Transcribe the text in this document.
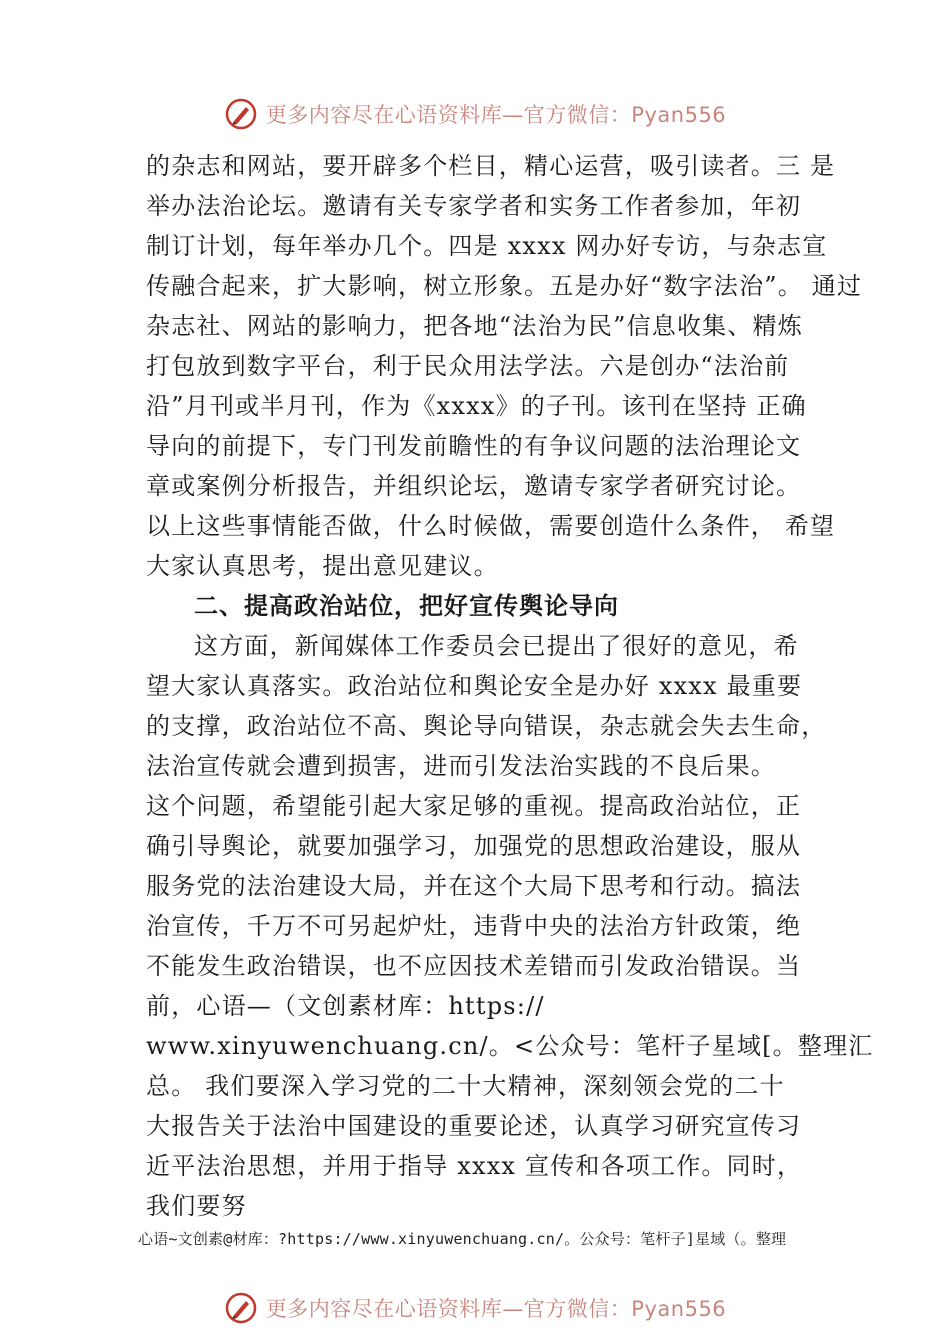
更多内容尽在心语资料库—官方微信：Pyan556
的杂志和网站，要开辟多个栏目，精心运营，吸引读者。三 是
举办法治论坛。邀请有关专家学者和实务工作者参加，年初
制订计划，每年举办几个。四是 xxxx 网办好专访，与杂志宣
传融合起来，扩大影响，树立形象。五是办好“数字法治”。 通过
杂志社、网站的影响力，把各地“法治为民”信息收集、精炼
打包放到数字平台，利于民众用法学法。六是创办“法治前
沿”月刊或半月刊，作为《xxxx》的子刊。该刊在坚持 正确
导向的前提下，专门刊发前瞻性的有争议问题的法治理论文
章或案例分析报告，并组织论坛，邀请专家学者研究讨论。
以上这些事情能否做，什么时候做，需要创造什么条件， 希望
大家认真思考，提出意见建议。
二、提高政治站位，把好宣传舆论导向
这方面，新闻媒体工作委员会已提出了很好的意见，希
望大家认真落实。政治站位和舆论安全是办好 xxxx 最重要
的支撑，政治站位不高、舆论导向错误，杂志就会失去生命，
法治宣传就会遭到损害，进而引发法治实践的不良后果。
这个问题，希望能引起大家足够的重视。提高政治站位，正
确引导舆论，就要加强学习，加强党的思想政治建设，服从
服务党的法治建设大局，并在这个大局下思考和行动。搞法
治宣传，千万不可另起炉灶，违背中央的法治方针政策，绝
不能发生政治错误，也不应因技术差错而引发政治错误。当
前，心语—（文创素材库：https://
www.xinyuwenchuang.cn/。<公众号：笔杆子星域[。整理汇
总。 我们要深入学习党的二十大精神，深刻领会党的二十
大报告关于法治中国建设的重要论述，认真学习研究宣传习
近平法治思想，并用于指导 xxxx 宣传和各项工作。同时，
我们要努
心语~文创素@材库：?https://www.xinyuwenchuang.cn/。公众号：笔杆子]星域（。整理
更多内容尽在心语资料库—官方微信：Pyan556
